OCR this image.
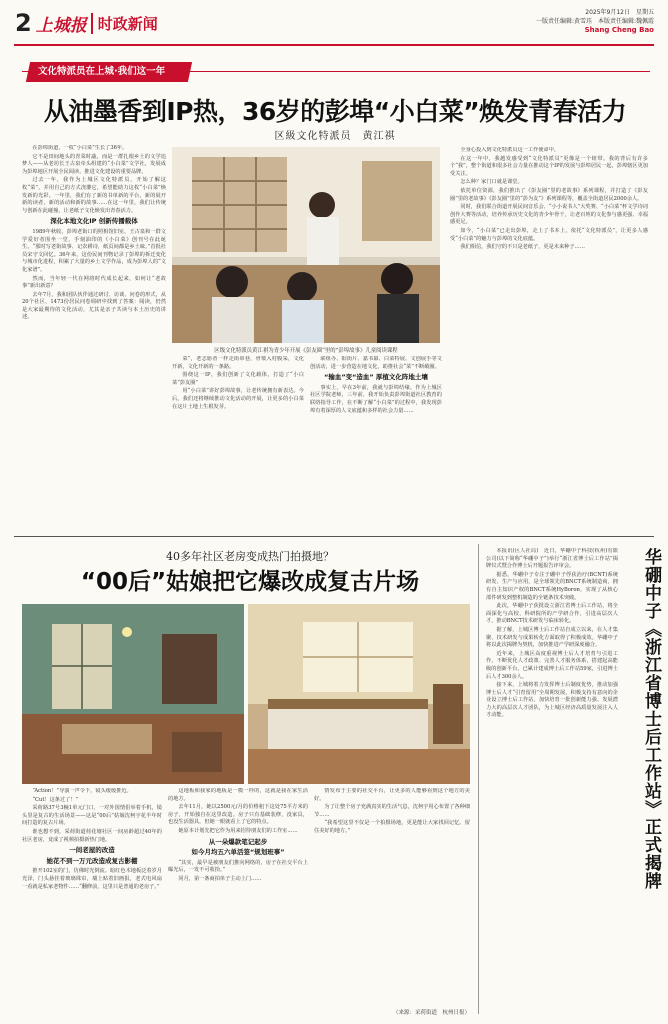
2 上城报 时政新闻
2025年9月12日　星期五
一版责任编辑:黄雪珏　本版责任编辑:魏佩霞
Shang Cheng Bao
文化特派员在上城·我们这一年
从油墨香到IP热，36岁的彭埠“小白菜”焕发青春活力
区級文化特派员　黄江祺

在彭埠街道，一枚“小白菜”生长了36年。

它不是田间地头的青菜时蔬，而是一群扎根乡土的文学追梦人——从老坊长王古泉牵头组建的“小白菜”文学社，发展成为彭埠地区开展全民阅读、推进文化建设的重要品牌。

过去一年，我作为上城区文化特派员，开始了解这枚“菜”，并用自己的方式浇灌它，希望能助力这枚“小白菜”焕发新的光彩。一年里，我们有了新的书单新的平台，新的展开新的读者，新的活动和新的故事……在这一年里，我们让传统与创新在此碰撞，让老纸子文化焕发出青春活力。

深化本地文化IP 创新传播载体

1989年秋收，彭埠老街口的照相馆旧室，王古泉和一群文学爱好者围坐一堂，手刻油印的《小白菜》创刊号在此诞生。“那时写老街故事、记农耕诗，纸页间都是乡土味。”首批社员宋守文回忆。36年来，这份民间刊物记录了彭埠的拆迁变化与城市化进程，积累了大量的乡土文学作品，成为彭埠人的“文化家谱”。

然而，当年轻一代在网络时代成长起来，如何让“老故事”新出新意？

去年7月，我和团队伙伴通过研讨、访谈、问卷的形式，从20个社区、1473份居民问卷调研中找到了答案：阅读，仍然是大家最期待的文化活动，尤其是亲子共读与本土历史的讲述。

区级文化特派员黄江祺为青少年开展《彭友圈“里的”彭埠故事》儿童阅读课程

菜”，老志愿者一样走街串巷，骨皱入村腹采，文化开新，文化开新的一条路。

围绕这一IP，我们创新了文化载体，打造了“小白菜”彭友圈”

用“小白菜”讲好彭埠故事，让老传统拥有新表达。今后，我们还将继续推动文化活动的开展，让更多的小白菜在这片土地上生根发芽。

联组办、阳街片、嘉书幕、白菜特展、文创展手等文创活动，进一步营造在地文化，助推社会“菜”不断破圈。

“输血”变“造血” 厚植文化阵地土壤

事实上，早在3年前，我就与彭埠结缘。作为上城区社区学院老师，三年前，我开始负责彭埠街道社区教育的联络指导工作，在不断了解“小白菜”的过程中，我发现彭埠有着深厚的人文底蕴和多样的社会力量……

全身心投入到文化特派员这一工作使命中。

在这一年中，我越发感受到“文化特派员”更像是一个纽带。我的背后有许多个“我”，整个街道和很多社会力量在推动这个IP的发展与彭埠居民一起，彭埠辖区更加受关注。

怎么种？家门口就是课堂。

依托单位资源，我们推出了《彭友圈”里的老故事》系列课程，并打造了《彭友圈”里的老故事》《彭友圈”里的“彭为友”》系列课程等，覆盖全街道居民2000余人。

同时，我们联合街道开展民间音乐会、“小小说书人”大奖赛、“小白菜”杯文学诗词创作大赛等活动，培养传承历史文化的青少年骨干，让老百姓的文化参与感更强、幸福感更足。

如今，“小白菜”已走出彭埠，走上了书本上，依托“文化特派员”，让更多人感受“小白菜”的魅力与彭埠的文化底蕴。

我们相信，我们守的不只是老纸子，更是未来种子……

40多年社区老房变成热门拍摄地？
“00后”姑娘把它爆改成复古片场

“Action！”导演一声令下，镜头缓缓推近。

“Cut！这条过了！”

采荷路37号3幢1单元门口，一对外国情侣举着手机，镜头里是复古的生活场景——这是“00后”姑娘沈柯宇花半年时间打造的复古片场。

谁也想不到，采荷街道荷花塘社区一间房龄超过40年的社区老房，竟成了视频拍摄新热门地。

一间老屋的改造
她花不到一万元改造成复古影棚

推开102室的门，仿佛时光倒流。暗红色木地板泛着岁月光泽，门头悬挂着玻璃珠帘，墙上贴着旧画报，老式电风扇一看就是私家老物件……“翻修前，这里只是普通的老房子。”

这地板和我家的地板是一模一样的，这就是我在家生活的地方。

去年11月，她以2500元/月的价格租下这处75平方米的房子，开始独自在这里改造。房子只有基础装修，没家具，也没生活器具，但她一眼就看上了它的特点。

她原本计划先把它作为用来招待朋友们的工作室……

从一朵爆款笔记起步
如今月均五六单活签“规划班事”

“其实，最早是被朋友们推向网络的，房子在社交平台上曝光后，一发不可收拾。”

同月，第一条商拍单子主动上门……

情发布于主要的社交平台，让更多的人能够看到这个地方的美好。

为了让整个房子充满真实的生活气息，沈柯宇用心布置了各种细节……

“我希望这里不仅是一个拍摄场地，更是能让大家找回记忆、留住美好的地方。”

（来源：采荷街道　杭州日报）

本报讯(区人社局)　近日，华硼中子科技(杭州)有限公司(以下简称“华硼中子”)举行“浙江省博士后工作站”揭牌仪式暨合作博士后开题报告评审会。

据悉，华硼中子专注于硼中子俘获治疗(BCNT)系统研发、生产与应用，是全球领先的BNCT系统制造商，拥有自主知识产权的BNCT系统HyBoron，实现了从核心部件研发到整机制造的全链条技术突破。

此次，华硼中子获批设立浙江省博士后工作站，将全面深化与高校、科研院所的产学研合作，引进高层次人才，推动BNCT技术研发与临床转化。

据了解，上城区博士后工作站自成立以来，在人才集聚、技术研发与成果转化方面取得了积极成效。华硼中子将以此次揭牌为契机，加快推进产学研深度融合。

近年来，上城区高度重视博士后人才培育与引进工作，不断优化人才政策、完善人才服务体系，搭建起高能级的创新平台，已累计建成博士后工作站59家，引进博士后人才300余人。

接下来，上城将着力发挥博士后制度优势，推动加强博士后人才“引育留用”全周期发展，积极支持有意向的企业设立博士后工作站，加快培育一批创新能力强、发展潜力大的高层次人才团队，为上城区经济高质量发展注入人才动能。	华硼中子《浙江省博士后工作站》正式揭牌
